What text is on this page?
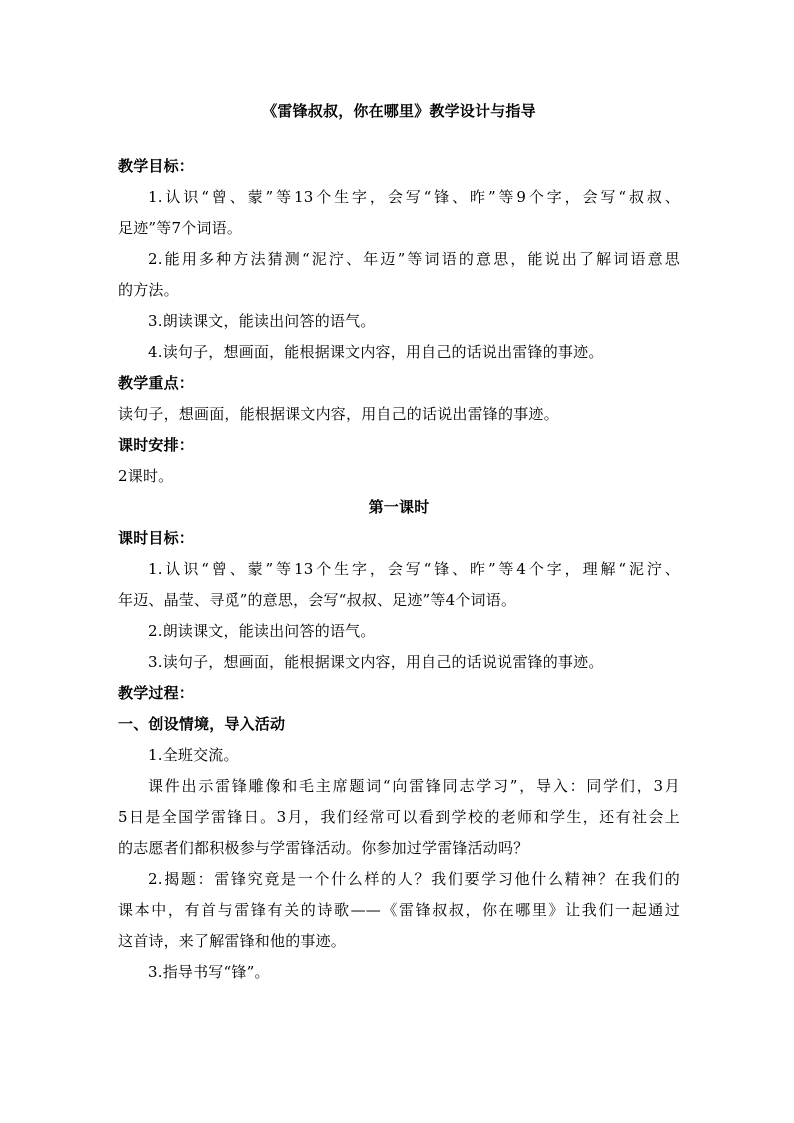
《雷锋叔叔，你在哪里》教学设计与指导
教学目标：
1.认识“曾、蒙”等13个生字，会写“锋、昨”等9个字，会写“叔叔、
足迹”等7个词语。
2.能用多种方法猜测“泥泞、年迈”等词语的意思，能说出了解词语意思
的方法。
3.朗读课文，能读出问答的语气。
4.读句子，想画面，能根据课文内容，用自己的话说出雷锋的事迹。
教学重点：
读句子，想画面，能根据课文内容，用自己的话说出雷锋的事迹。
课时安排：
2课时。
第一课时
课时目标：
1.认识“曾、蒙”等13个生字，会写“锋、昨”等4个字，理解“泥泞、
年迈、晶莹、寻觅”的意思，会写“叔叔、足迹”等4个词语。
2.朗读课文，能读出问答的语气。
3.读句子，想画面，能根据课文内容，用自己的话说说雷锋的事迹。
教学过程：
一、创设情境，导入活动
1.全班交流。
课件出示雷锋雕像和毛主席题词“向雷锋同志学习”，导入：同学们，3月
5日是全国学雷锋日。3月，我们经常可以看到学校的老师和学生，还有社会上
的志愿者们都积极参与学雷锋活动。你参加过学雷锋活动吗？
2.揭题：雷锋究竟是一个什么样的人？我们要学习他什么精神？在我们的
课本中，有首与雷锋有关的诗歌——《雷锋叔叔，你在哪里》让我们一起通过
这首诗，来了解雷锋和他的事迹。
3.指导书写“锋”。
